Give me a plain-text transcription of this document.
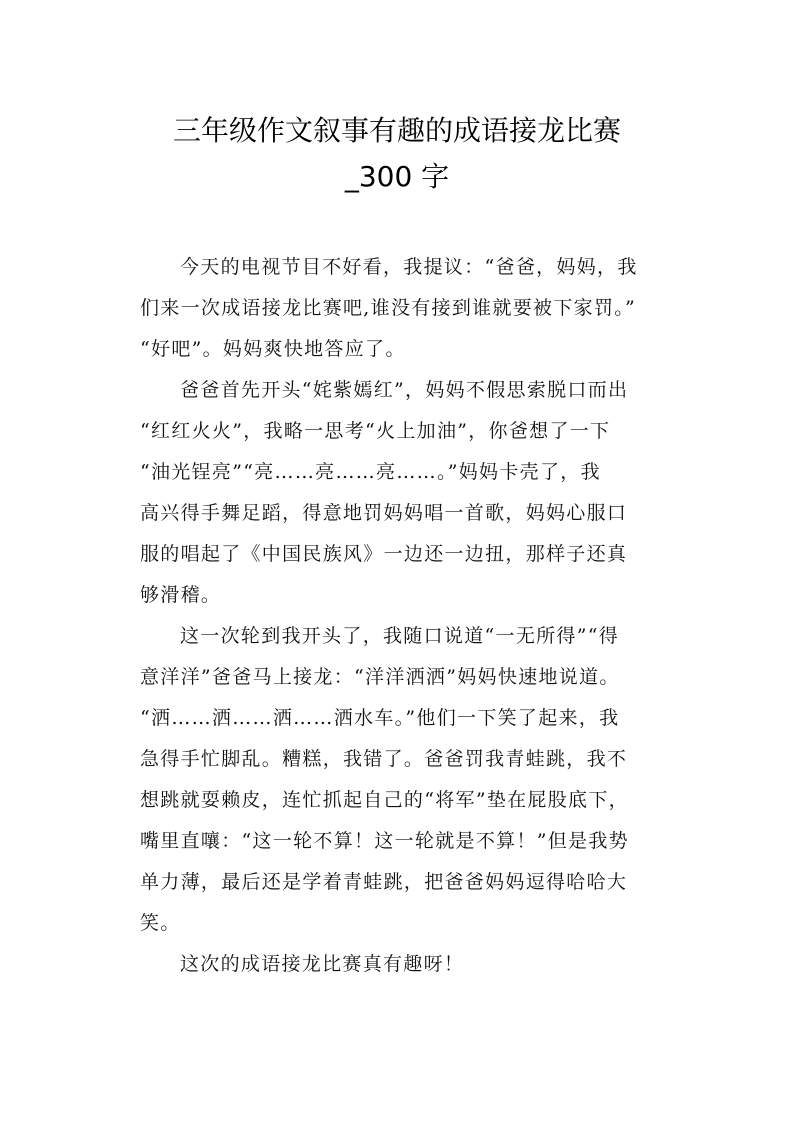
三年级作文叙事有趣的成语接龙比赛
_300 字
今天的电视节目不好看，我提议：“爸爸，妈妈，我
们来一次成语接龙比赛吧,谁没有接到谁就要被下家罚。”
“好吧”。妈妈爽快地答应了。
爸爸首先开头“姹紫嫣红”，妈妈不假思索脱口而出
“红红火火”，我略一思考“火上加油”，你爸想了一下
“油光锃亮”“亮……亮……亮……。”妈妈卡壳了，我
高兴得手舞足蹈，得意地罚妈妈唱一首歌，妈妈心服口
服的唱起了《中国民族风》一边还一边扭，那样子还真
够滑稽。
这一次轮到我开头了，我随口说道“一无所得”“得
意洋洋”爸爸马上接龙：“洋洋洒洒”妈妈快速地说道。
“洒……洒……洒……洒水车。”他们一下笑了起来，我
急得手忙脚乱。糟糕，我错了。爸爸罚我青蛙跳，我不
想跳就耍赖皮，连忙抓起自己的“将军”垫在屁股底下，
嘴里直嚷：“这一轮不算！这一轮就是不算！”但是我势
单力薄，最后还是学着青蛙跳，把爸爸妈妈逗得哈哈大
笑。
这次的成语接龙比赛真有趣呀！
